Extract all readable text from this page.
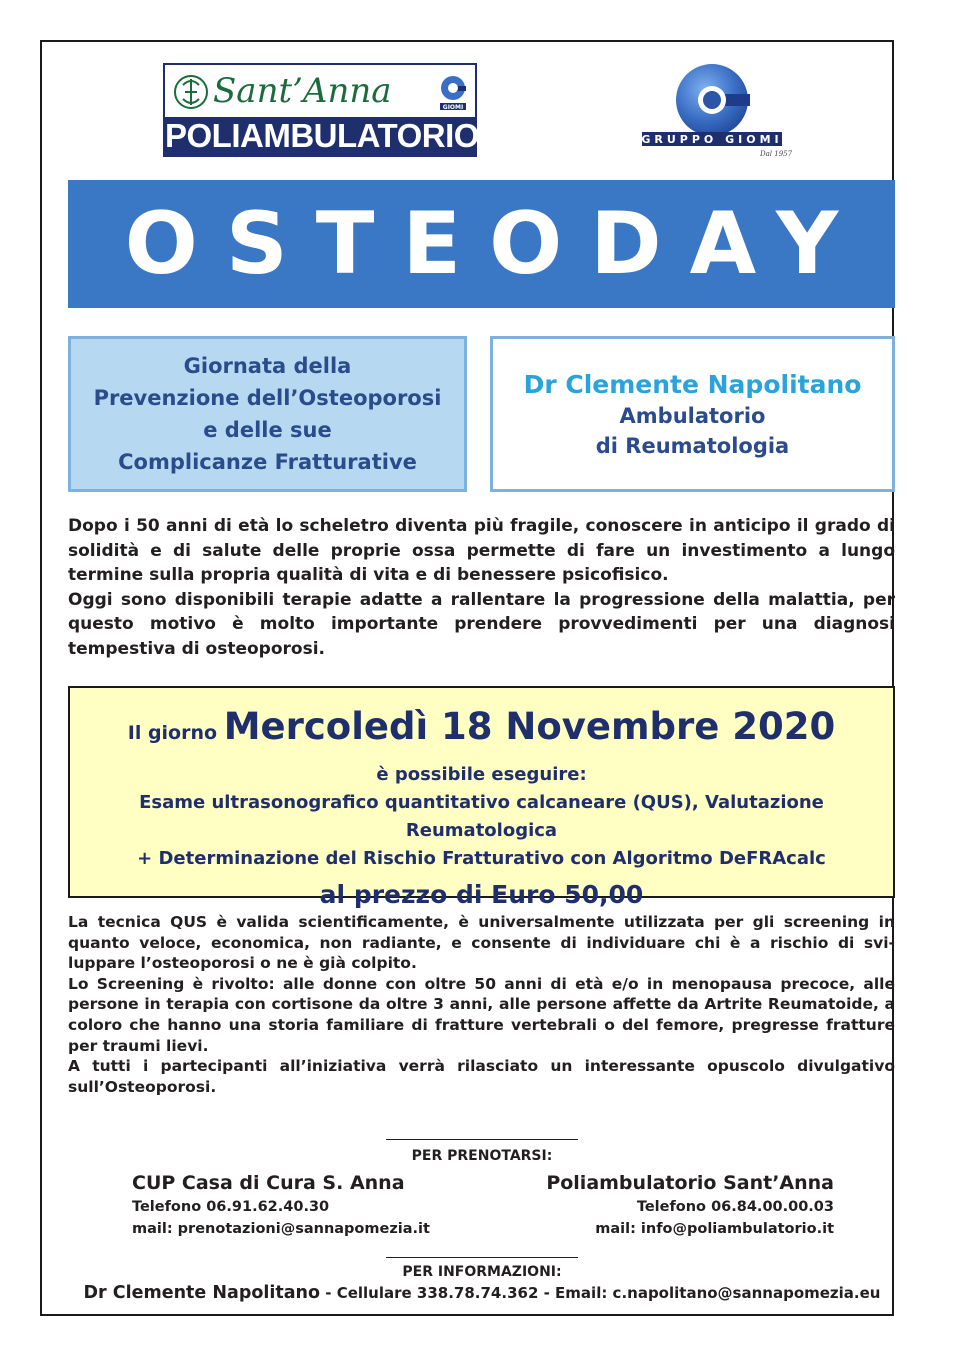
Sant’Anna	GIOMI
POLIAMBULATORIO	GRUPPO GIOMI
Dal 1957
OSTEODAY
Giornata della
Prevenzione dell’Osteoporosi
e delle sue
Complicanze Fratturative
Dr Clemente Napolitano
Ambulatorio
di Reumatologia

Dopo i 50 anni di età lo scheletro diventa più fragile, conoscere in anticipo il grado di solidità e di salute delle proprie ossa permette di fare un investimento a lungo termine sulla propria qualità di vita e di benessere psicofisico.

Oggi sono disponibili terapie adatte a rallentare la progressione della malattia, per questo motivo è molto importante prendere provvedimenti per una diagnosi tempestiva di osteoporosi.

Il giorno Mercoledì 18 Novembre 2020
è possibile eseguire:
Esame ultrasonografico quantitativo calcaneare (QUS), Valutazione Reumatologica
+ Determinazione del Rischio Fratturativo con Algoritmo DeFRAcalc
al prezzo di Euro 50,00

La tecnica QUS è valida scientificamente, è universalmente utilizzata per gli screening in quanto veloce, economica, non radiante, e consente di individuare chi è a rischio di svi-luppare l’osteoporosi o ne è già colpito.

Lo Screening è rivolto: alle donne con oltre 50 anni di età e/o in menopausa precoce, alle persone in terapia con cortisone da oltre 3 anni, alle persone affette da Artrite Reumatoide, a coloro che hanno una storia familiare di fratture vertebrali o del femore, pregresse fratture per traumi lievi.

A tutti i partecipanti all’iniziativa verrà rilasciato un interessante opuscolo divulgativo sull’Osteoporosi.

PER PRENOTARSI:
CUP Casa di Cura S. Anna
Telefono 06.91.62.40.30
mail: prenotazioni@sannapomezia.it
Poliambulatorio Sant’Anna
Telefono 06.84.00.00.03
mail: info@poliambulatorio.it
PER INFORMAZIONI:
Dr Clemente Napolitano - Cellulare 338.78.74.362 - Email: c.napolitano@sannapomezia.eu
